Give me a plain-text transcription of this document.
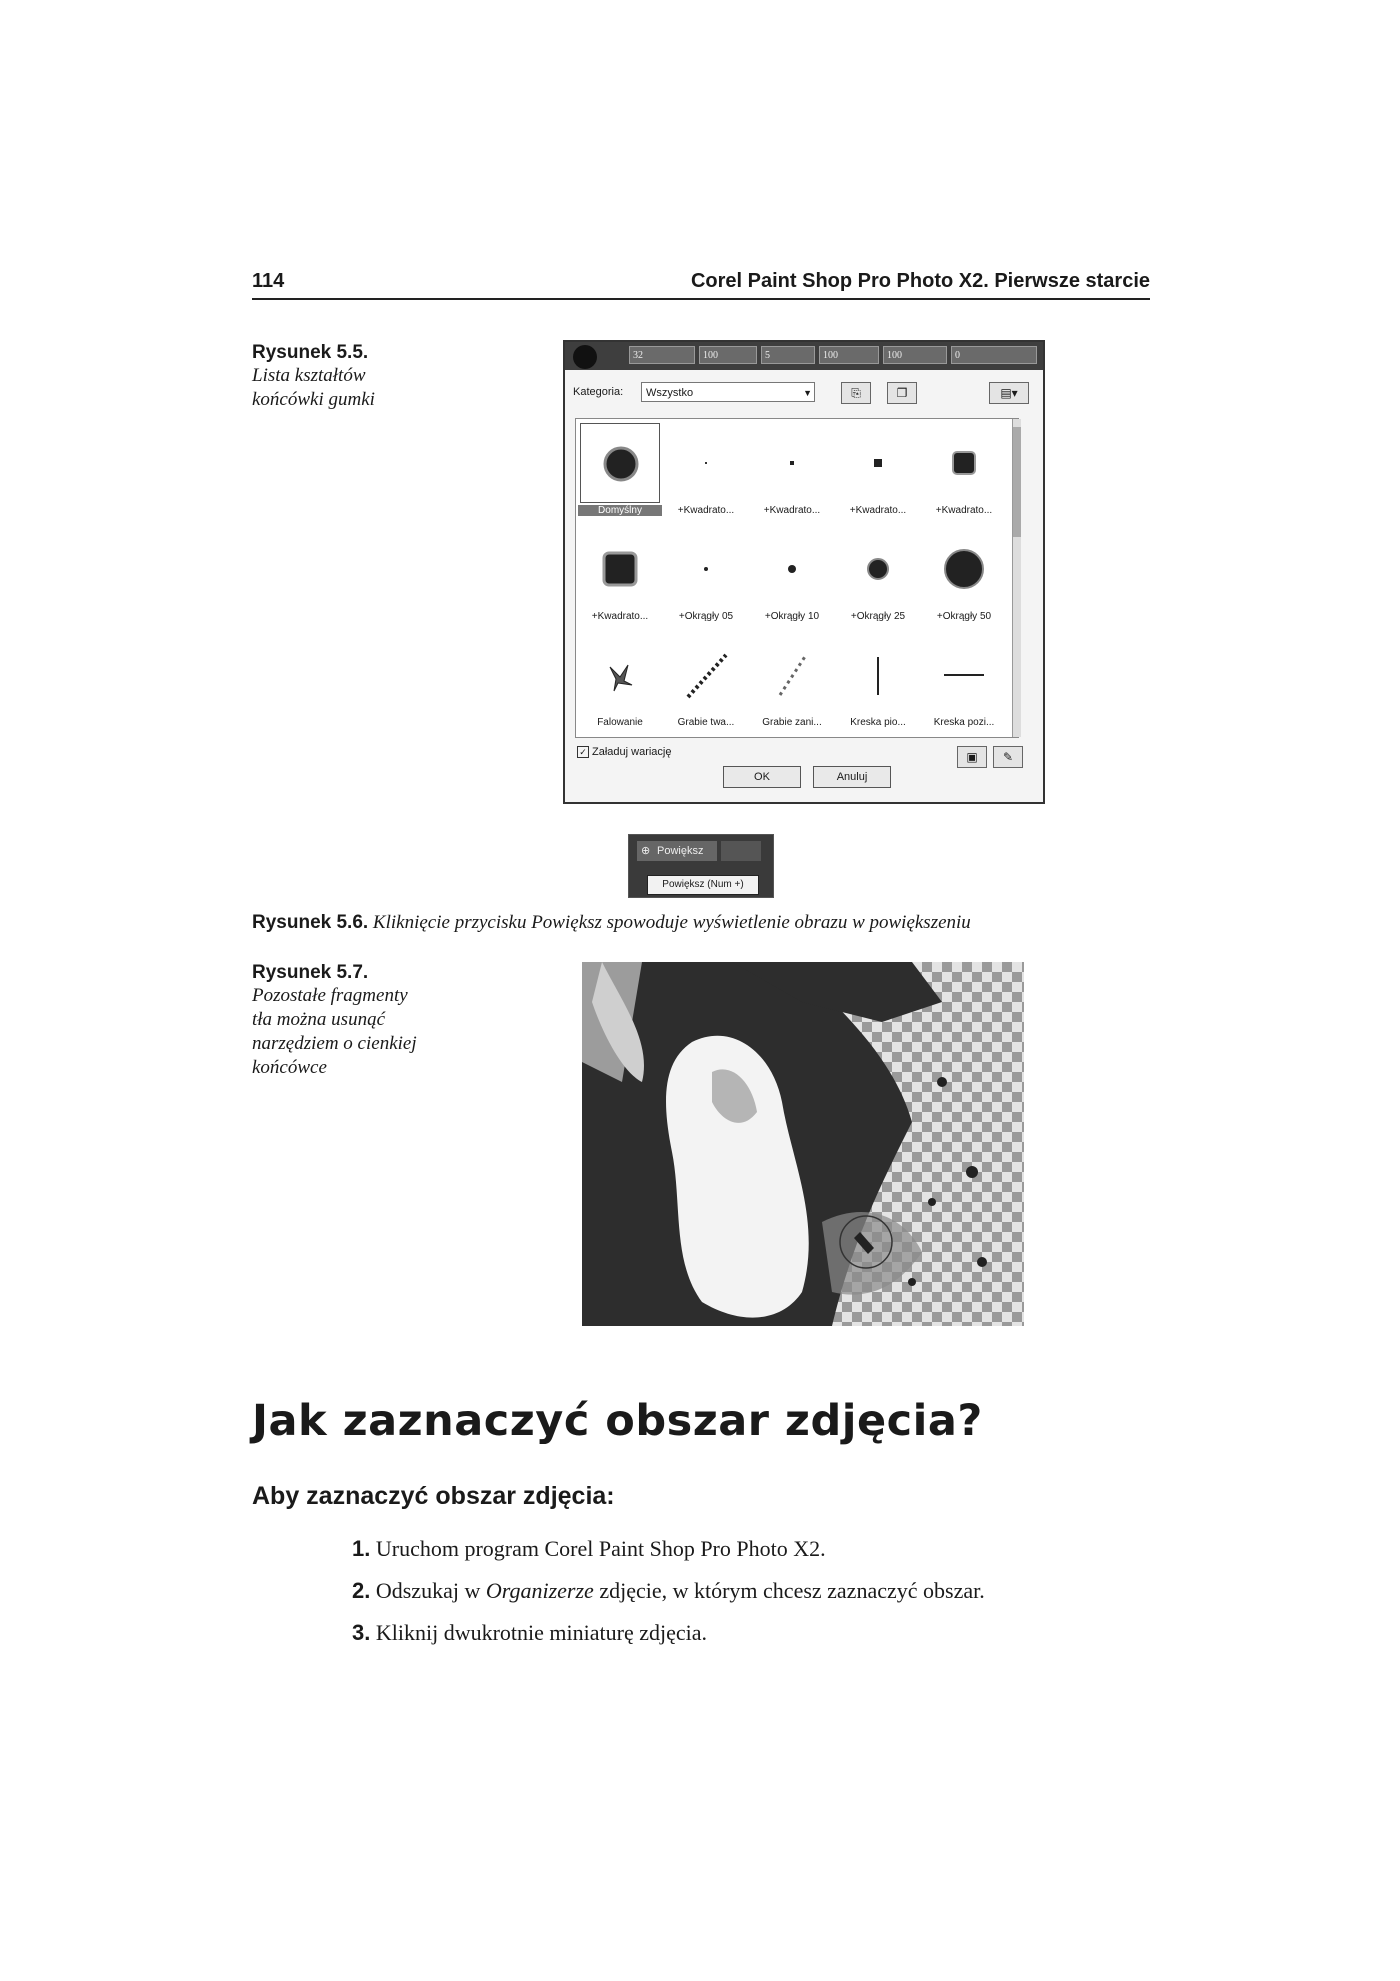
114	Corel Paint Shop Pro Photo X2. Pierwsze starcie
Rysunek 5.5.
Lista kształtów
końcówki gumki
32	100	5	100	100	0
Kategoria:	Wszystko	▼	⎘	❐	▤▾
Domyślny	+Kwadrato...	+Kwadrato...	+Kwadrato...	+Kwadrato...
+Kwadrato...	+Okrągły 05	+Okrągły 10	+Okrągły 25	+Okrągły 50
Falowanie	Grabie twa...	Grabie zani...	Kreska pio...	Kreska pozi...
✓ Załaduj wariację	▣	✎
OK	Anuluj
⊕ Powiększ
Powiększ (Num +)
Rysunek 5.6. Kliknięcie przycisku Powiększ spowoduje wyświetlenie obrazu w powiększeniu
Rysunek 5.7.
Pozostałe fragmenty
tła można usunąć
narzędziem o cienkiej
końcówce
Jak zaznaczyć obszar zdjęcia?
Aby zaznaczyć obszar zdjęcia:
1. Uruchom program Corel Paint Shop Pro Photo X2.
2. Odszukaj w Organizerze zdjęcie, w którym chcesz zaznaczyć obszar.
3. Kliknij dwukrotnie miniaturę zdjęcia.
